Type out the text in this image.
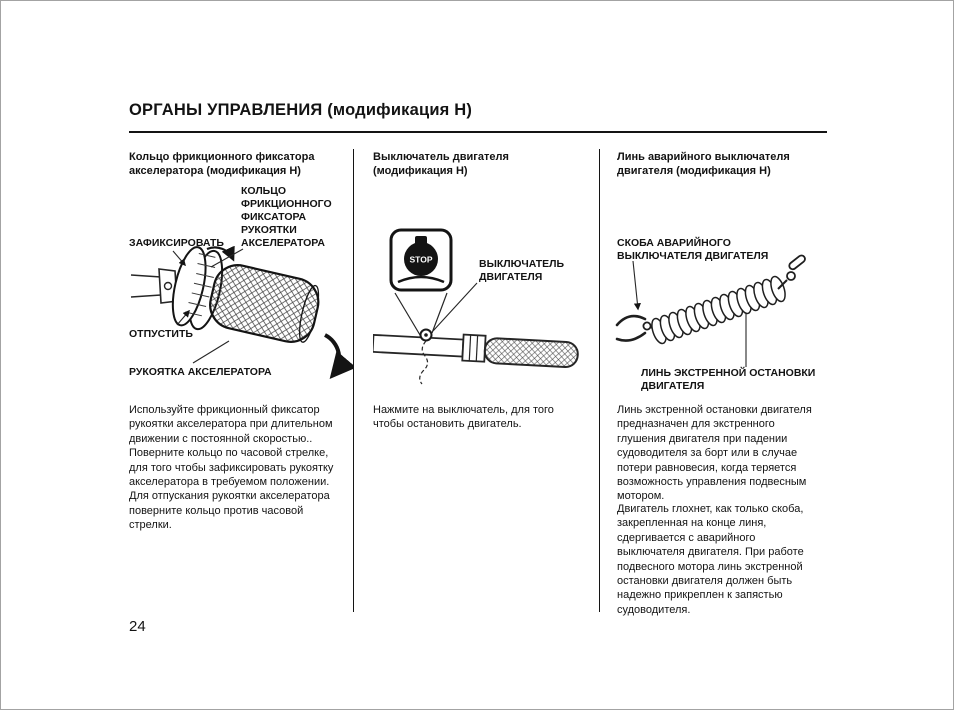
ОРГАНЫ УПРАВЛЕНИЯ (модификация H)
Кольцо фрикционного фиксатора акселератора (модификация H)
КОЛЬЦО ФРИКЦИОННОГО ФИКСАТОРА РУКОЯТКИ АКСЕЛЕРАТОРА
ЗАФИКСИРОВАТЬ
ОТПУСТИТЬ
РУКОЯТКА АКСЕЛЕРАТОРА
Используйте фрикционный фиксатор рукоятки акселератора при длительном движении с постоянной скоростью.. Поверните кольцо по часовой стрелке, для того чтобы зафиксировать рукоятку акселератора в требуемом положении. Для отпускания рукоятки акселератора поверните кольцо против часовой стрелки.
STOP
Выключатель двигателя (модификация H)
ВЫКЛЮЧАТЕЛЬ ДВИГАТЕЛЯ
Нажмите на выключатель, для того чтобы остановить двигатель.
Линь аварийного выключателя двигателя (модификация H)
СКОБА АВАРИЙНОГО ВЫКЛЮЧАТЕЛЯ ДВИГАТЕЛЯ
ЛИНЬ ЭКСТРЕННОЙ ОСТАНОВКИ ДВИГАТЕЛЯ
Линь экстренной остановки двигателя предназначен для экстренного глушения двигателя при падении судоводителя за борт или в случае потери равновесия, когда теряется возможность управления подвесным мотором.
Двигатель глохнет, как только скоба, закрепленная на конце линя, сдергивается с аварийного выключателя двигателя. При работе подвесного мотора линь экстренной остановки двигателя должен быть надежно прикреплен к запястью судоводителя.
24
